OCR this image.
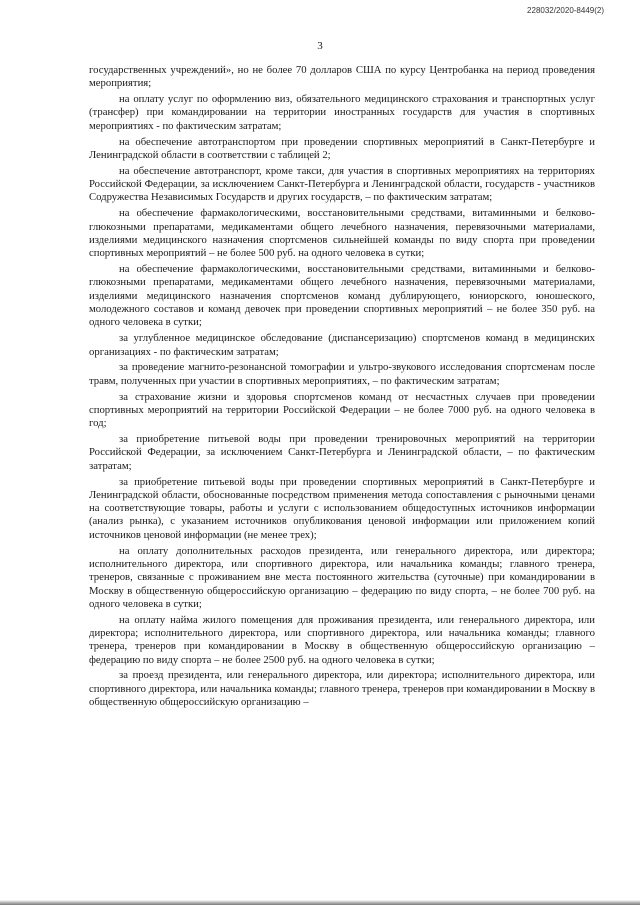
228032/2020-8449(2)
3

государственных учреждений», но не более 70 долларов США по курсу Центробанка на период проведения мероприятия;

на оплату услуг по оформлению виз, обязательного медицинского страхования и транспортных услуг (трансфер) при командировании на территории иностранных государств для участия в спортивных мероприятиях - по фактическим затратам;

на обеспечение автотранспортом при проведении спортивных мероприятий в Санкт-Петербурге и Ленинградской области в соответствии с таблицей 2;

на обеспечение автотранспорт, кроме такси, для участия в спортивных мероприятиях на территориях Российской Федерации, за исключением Санкт-Петербурга и Ленинградской области, государств - участников Содружества Независимых Государств и других государств, – по фактическим затратам;

на обеспечение фармакологическими, восстановительными средствами, витаминными и белково-глюкозными препаратами, медикаментами общего лечебного назначения, перевязочными материалами, изделиями медицинского назначения спортсменов сильнейшей команды по виду спорта при проведении спортивных мероприятий – не более 500 руб. на одного человека в сутки;

на обеспечение фармакологическими, восстановительными средствами, витаминными и белково-глюкозными препаратами, медикаментами общего лечебного назначения, перевязочными материалами, изделиями медицинского назначения спортсменов команд дублирующего, юниорского, юношеского, молодежного составов и команд девочек при проведении спортивных мероприятий – не более 350 руб. на одного человека в сутки;

за углубленное медицинское обследование (диспансеризацию) спортсменов команд в медицинских организациях - по фактическим затратам;

за проведение магнито-резонансной томографии и ультро-звукового исследования спортсменам после травм, полученных при участии в спортивных мероприятиях, – по фактическим затратам;

за страхование жизни и здоровья спортсменов команд от несчастных случаев при проведении спортивных мероприятий на территории Российской Федерации – не более 7000 руб. на одного человека в год;

за приобретение питьевой воды при проведении тренировочных мероприятий на территории Российской Федерации, за исключением Санкт-Петербурга и Ленинградской области, – по фактическим затратам;

за приобретение питьевой воды при проведении спортивных мероприятий в Санкт-Петербурге и Ленинградской области, обоснованные посредством применения метода сопоставления с рыночными ценами на соответствующие товары, работы и услуги с использованием общедоступных источников информации (анализ рынка), с указанием источников опубликования ценовой информации или приложением копий источников ценовой информации (не менее трех);

на оплату дополнительных расходов президента, или генерального директора, или директора; исполнительного директора, или спортивного директора, или начальника команды; главного тренера, тренеров, связанные с проживанием вне места постоянного жительства (суточные) при командировании в Москву в общественную общероссийскую организацию – федерацию по виду спорта, – не более 700 руб. на одного человека в сутки;

на оплату найма жилого помещения для проживания президента, или генерального директора, или директора; исполнительного директора, или спортивного директора, или начальника команды; главного тренера, тренеров при командировании в Москву в общественную общероссийскую организацию – федерацию по виду спорта – не более 2500 руб. на одного человека в сутки;

за проезд президента, или генерального директора, или директора; исполнительного директора, или спортивного директора, или начальника команды; главного тренера, тренеров при командировании в Москву в общественную общероссийскую организацию –
